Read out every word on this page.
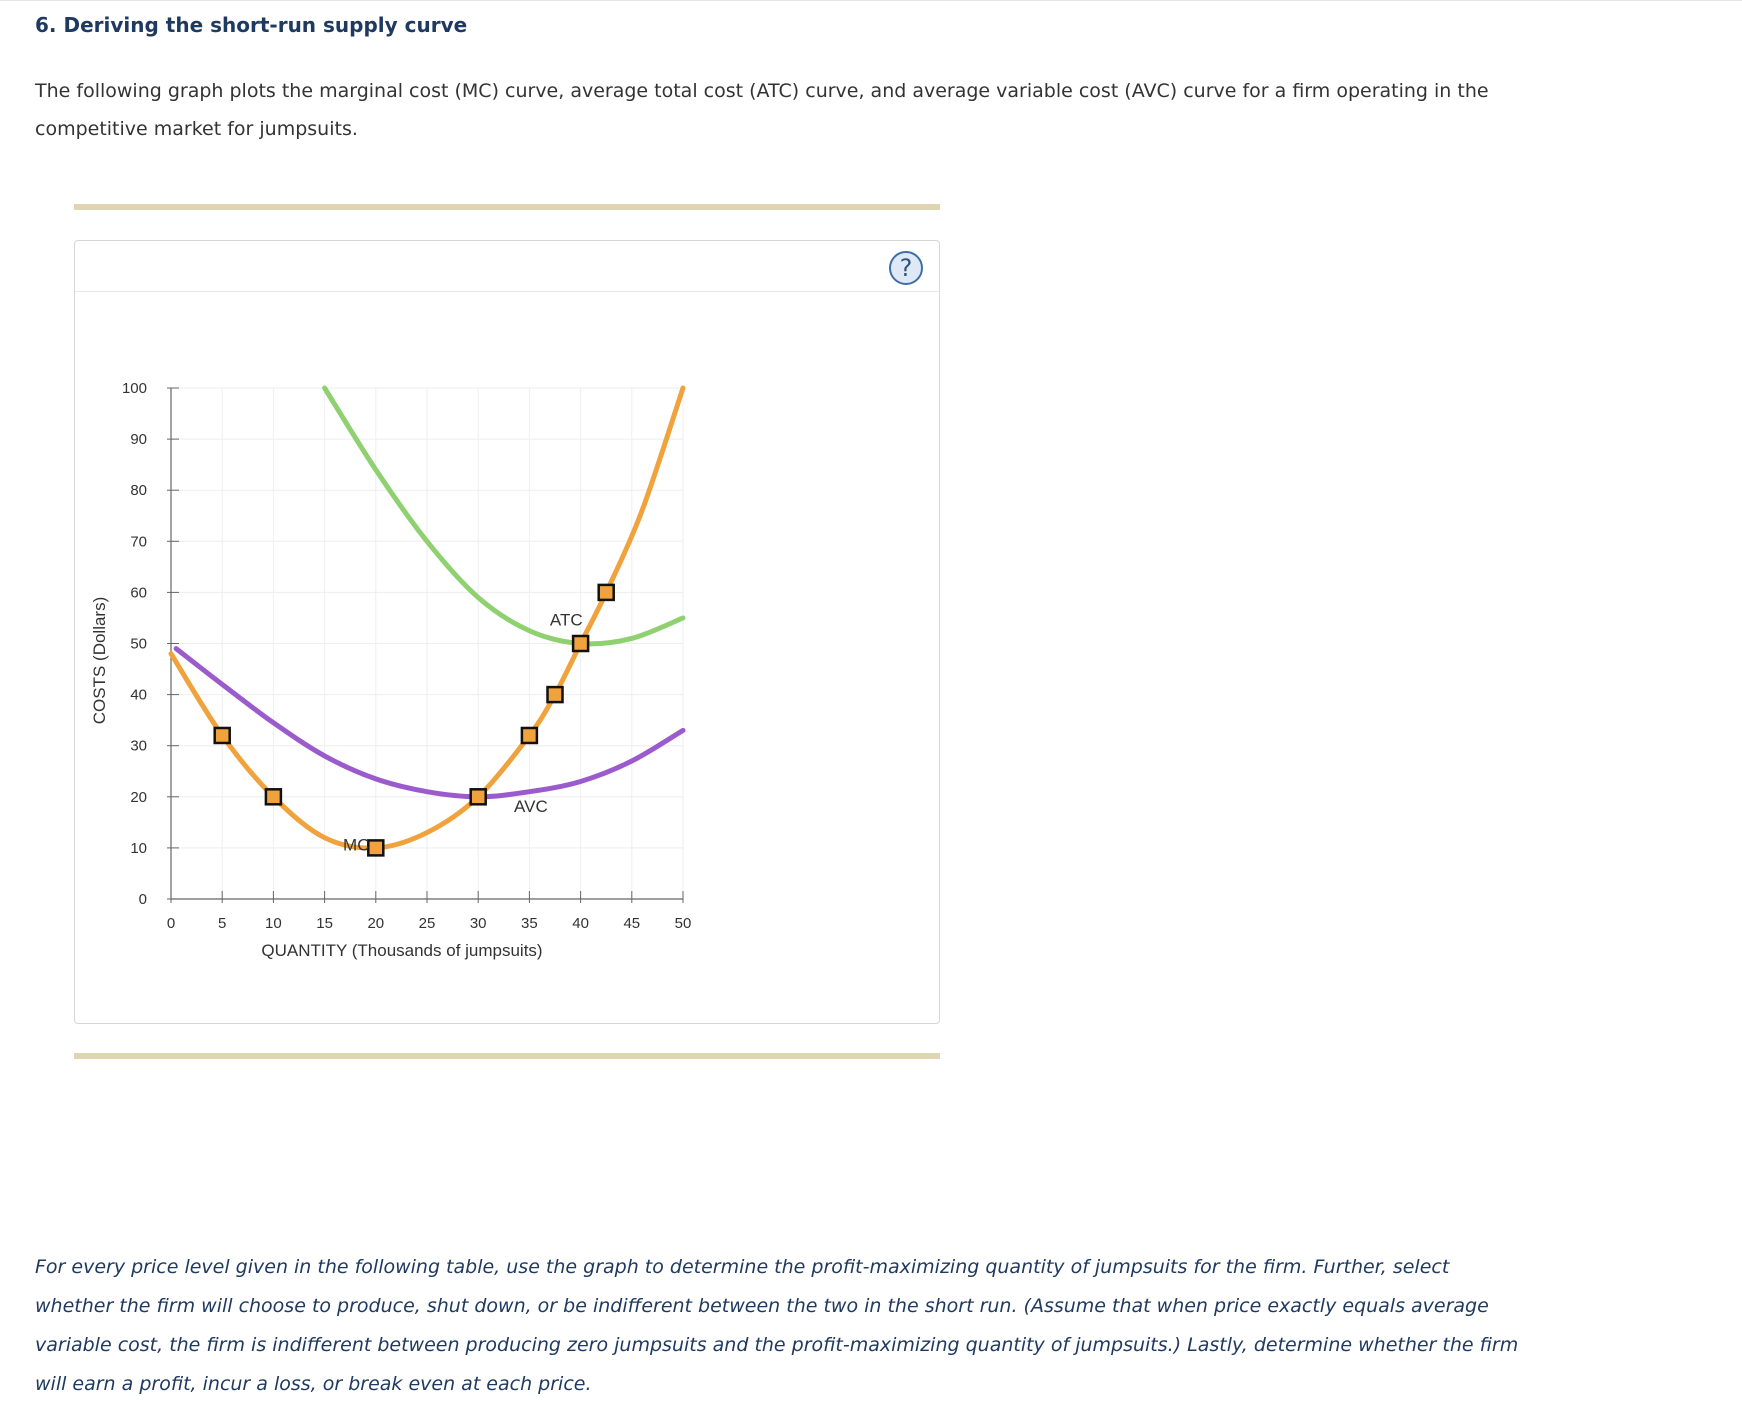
6. Deriving the short-run supply curve
The following graph plots the marginal cost (MC) curve, average total cost (ATC) curve, and average variable cost (AVC) curve for a firm operating in the competitive market for jumpsuits.
?
0
10
20
30
40
50
60
70
80
90
100
0	5	10 15 20 25 30 35 40 45 50
QUANTITY (Thousands of jumpsuits)
COSTS (Dollars)	ATC
AVC
MC
For every price level given in the following table, use the graph to determine the profit-maximizing quantity of jumpsuits for the firm. Further, select whether the firm will choose to produce, shut down, or be indifferent between the two in the short run. (Assume that when price exactly equals average variable cost, the firm is indifferent between producing zero jumpsuits and the profit-maximizing quantity of jumpsuits.) Lastly, determine whether the firm will earn a profit, incur a loss, or break even at each price.
